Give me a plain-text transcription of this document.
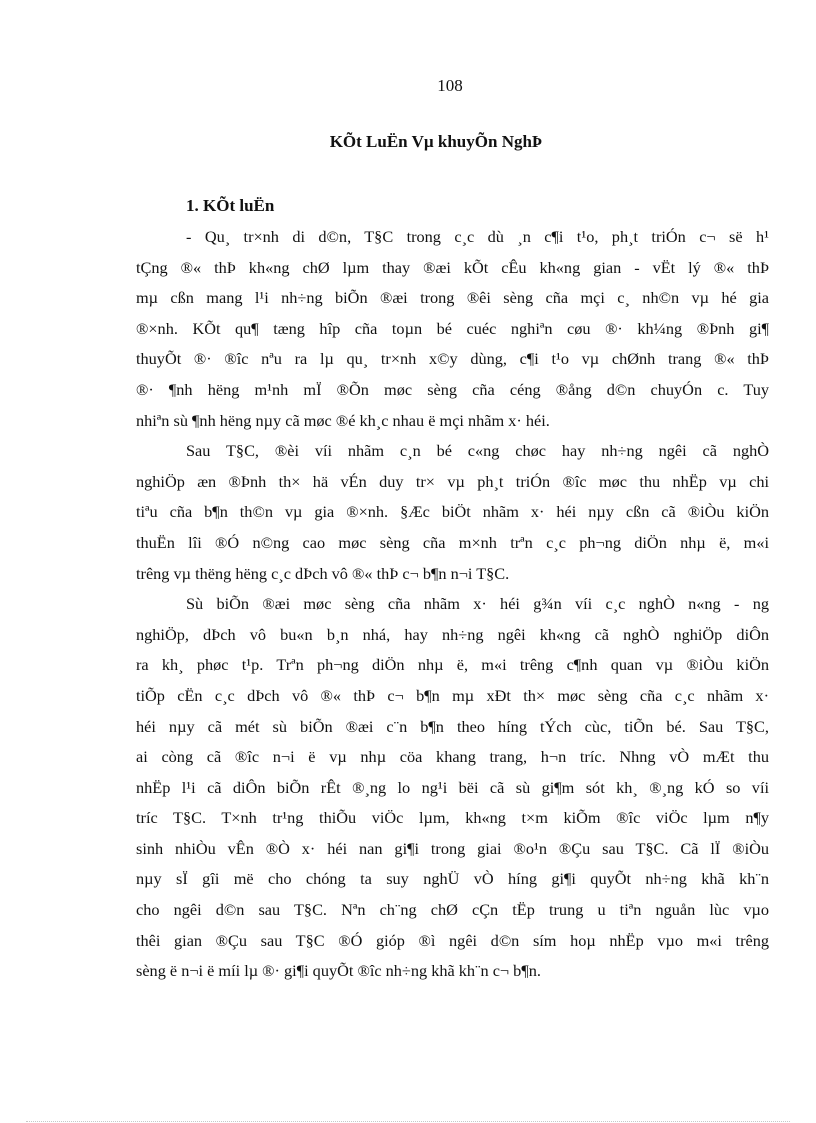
108
KÕt LuËn Vµ khuyÕn NghÞ
1. KÕt luËn
- Qu¸ tr×nh di d©n, T§C trong c¸c dù ¸n c¶i t¹o, ph¸t triÓn c¬ së h¹
tÇng ®« thÞ kh«ng chØ lµm thay ®æi kÕt cÊu kh«ng gian - vËt lý ®« thÞ
mµ cßn mang l¹i nh÷ng biÕn ®æi trong ®êi sèng cña mçi c¸ nh©n vµ hé gia
®×nh. KÕt qu¶ tæng hîp cña toµn bé cuéc nghiªn cøu ®· kh¼ng ®Þnh gi¶
thuyÕt ®· ®îc nªu ra lµ qu¸ tr×nh x©y dùng, c¶i t¹o vµ chØnh trang ®« thÞ
®· ¶nh hëng m¹nh mÏ ®Õn møc sèng cña céng ®ång d©n chuyÓn c. Tuy
nhiªn sù ¶nh hëng nµy cã møc ®é kh¸c nhau ë mçi nhãm x· héi.
Sau T§C, ®èi víi nhãm c¸n bé c«ng chøc hay nh÷ng ngêi cã nghÒ
nghiÖp æn ®Þnh th× hä vÉn duy tr× vµ ph¸t triÓn ®îc møc thu nhËp vµ chi
tiªu cña b¶n th©n vµ gia ®×nh. §Æc biÖt nhãm x· héi nµy cßn cã ®iÒu kiÖn
thuËn lîi ®Ó n©ng cao møc sèng cña m×nh trªn c¸c ph¬ng diÖn nhµ ë, m«i
trêng vµ thëng hëng c¸c dÞch vô ®« thÞ c¬ b¶n n¬i T§C.
Sù biÕn ®æi møc sèng cña nhãm x· héi g¾n víi c¸c nghÒ n«ng - ng
nghiÖp, dÞch vô bu«n b¸n nhá, hay nh÷ng ngêi kh«ng cã nghÒ nghiÖp diÔn
ra kh¸ phøc t¹p. Trªn ph¬ng diÖn nhµ ë, m«i trêng c¶nh quan vµ ®iÒu kiÖn
tiÕp cËn c¸c dÞch vô ®« thÞ c¬ b¶n mµ xÐt th× møc sèng cña c¸c nhãm x·
héi nµy cã mét sù biÕn ®æi c¨n b¶n theo híng tÝch cùc, tiÕn bé. Sau T§C,
ai còng cã ®îc n¬i ë vµ nhµ cöa khang trang, h¬n tríc. Nhng vÒ mÆt thu
nhËp l¹i cã diÔn biÕn rÊt ®¸ng lo ng¹i bëi cã sù gi¶m sót kh¸ ®¸ng kÓ so víi
tríc T§C. T×nh tr¹ng thiÕu viÖc lµm, kh«ng t×m kiÕm ®îc viÖc lµm n¶y
sinh nhiÒu vÊn ®Ò x· héi nan gi¶i trong giai ®o¹n ®Çu sau T§C. Cã lÏ ®iÒu
nµy sÏ gîi më cho chóng ta suy nghÜ vÒ híng gi¶i quyÕt nh÷ng khã kh¨n
cho ngêi d©n sau T§C. Nªn ch¨ng chØ cÇn tËp trung u tiªn nguån lùc vµo
thêi gian ®Çu sau T§C ®Ó gióp ®ì ngêi d©n sím hoµ nhËp vµo m«i trêng
sèng ë n¬i ë míi lµ ®· gi¶i quyÕt ®îc nh÷ng khã kh¨n c¬ b¶n.
